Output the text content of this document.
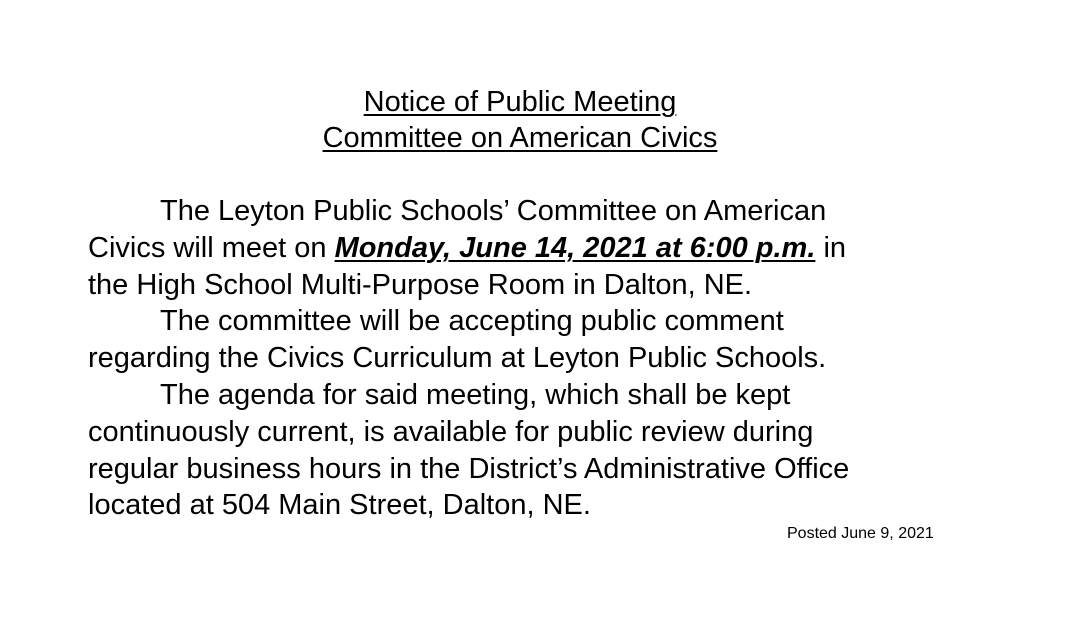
Notice of Public Meeting
Committee on American Civics
The Leyton Public Schools’ Committee on American
Civics will meet on Monday, June 14, 2021 at 6:00 p.m. in
the High School Multi-Purpose Room in Dalton, NE.
The committee will be accepting public comment
regarding the Civics Curriculum at Leyton Public Schools.
The agenda for said meeting, which shall be kept
continuously current, is available for public review during
regular business hours in the District’s Administrative Office
located at 504 Main Street, Dalton, NE.
Posted June 9, 2021
